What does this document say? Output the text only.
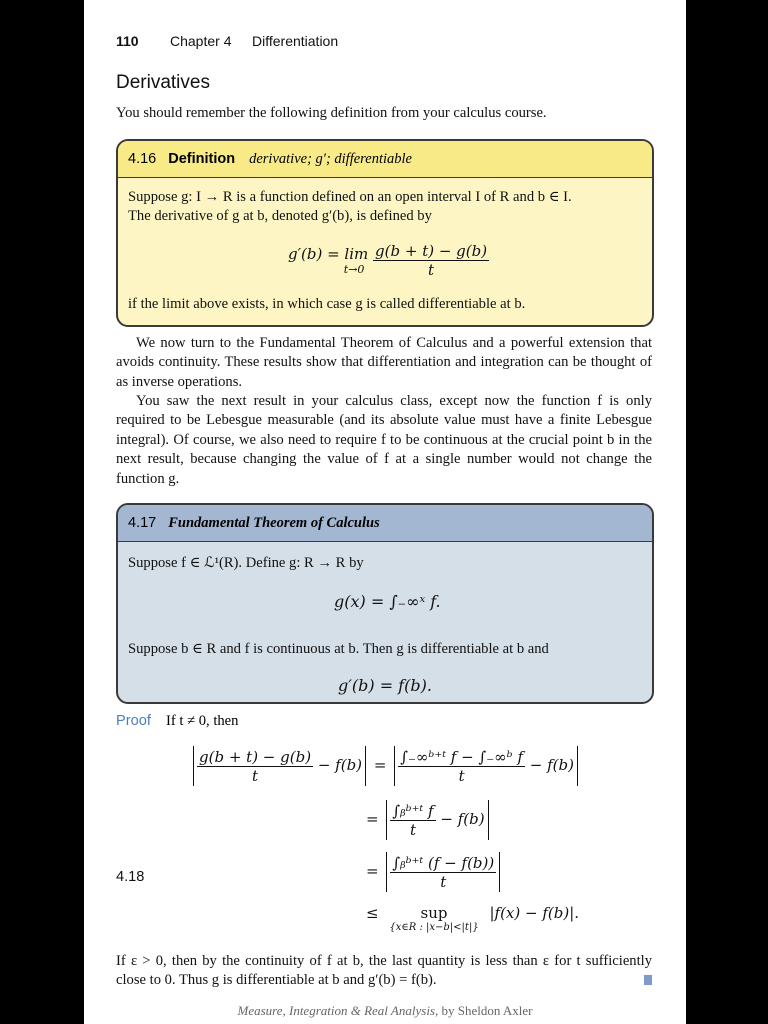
110 Chapter 4 Differentiation
Derivatives

You should remember the following definition from your calculus course.

4.16 Definition derivative; g′; differentiable

Suppose g: I → R is a function defined on an open interval I of R and b ∈ I.

The derivative of g at b, denoted g′(b), is defined by

g′(b) = lim
t→0
$\frac{g(b + t) - g(b)}{t}$

if the limit above exists, in which case g is called differentiable at b.

We now turn to the Fundamental Theorem of Calculus and a powerful extension that avoids continuity. These results show that differentiation and integration can be thought of as inverse operations.

You saw the next result in your calculus class, except now the function f is only required to be Lebesgue measurable (and its absolute value must have a finite Lebesgue integral). Of course, we also need to require f to be continuous at the crucial point b in the next result, because changing the value of f at a single number would not change the function g.

4.17 Fundamental Theorem of Calculus

Suppose f ∈ ℒ¹(R). Define g: R → R by

g(x) = ∫₋∞ˣ f.

Suppose b ∈ R and f is continuous at b. Then g is differentiable at b and

g′(b) = f(b).
Proof If t ≠ 0, then
$\frac{g(b + t) - g(b)}{t} - f(b) = \frac{\text{∫₋∞ᵇ⁺ᵗ f − ∫₋∞ᵇ f}}{t} - f(b)$
= $\frac{\text{∫ᵦᵇ⁺ᵗ f}}{t} - f(b)$
4.18	= $\frac{\text{∫ᵦᵇ⁺ᵗ (f − f(b))}}{t}$
≤	sup
{x∈R : |x−b|<|t|}
|f(x) − f(b)|.

If ε > 0, then by the continuity of f at b, the last quantity is less than ε for t sufficiently close to 0. Thus g is differentiable at b and g′(b) = f(b).

Measure, Integration & Real Analysis, by Sheldon Axler
